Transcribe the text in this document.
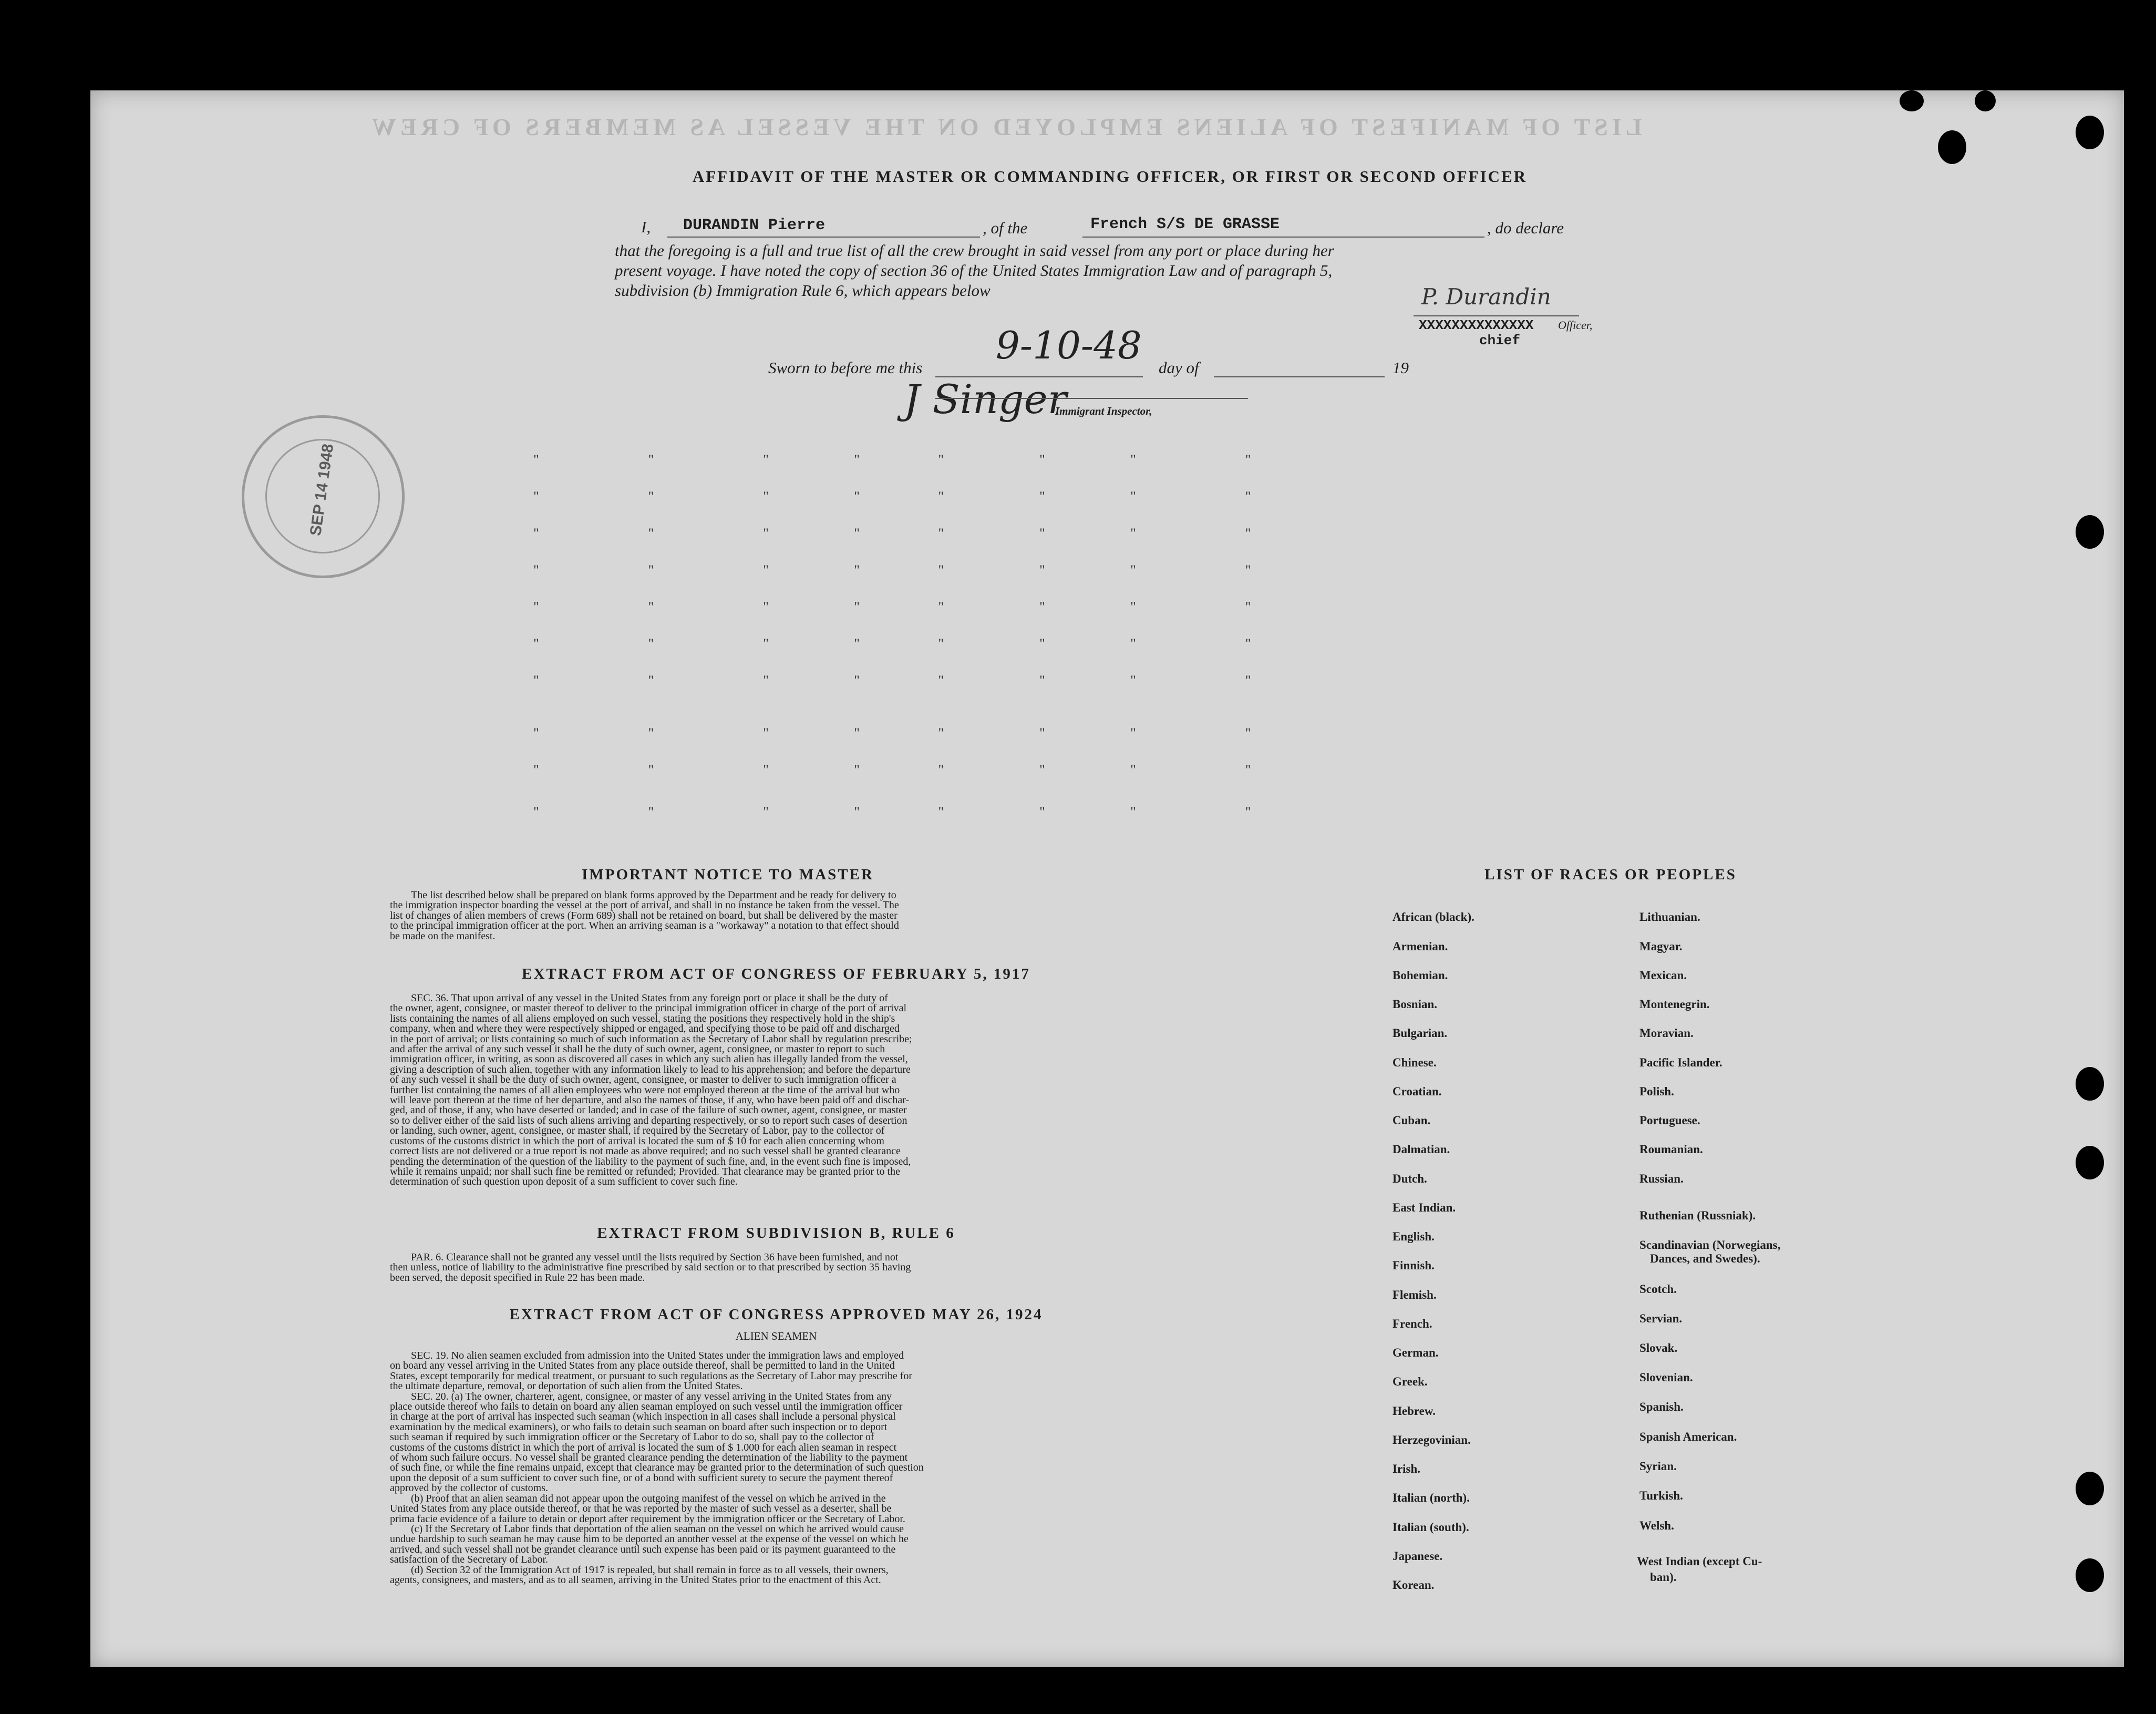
LIST OF MANIFEST OF ALIENS EMPLOYED ON THE VESSEL AS MEMBERS OF CREW
AFFIDAVIT OF THE MASTER OR COMMANDING OFFICER, OR FIRST OR SECOND OFFICER
I, DURANDIN Pierre	, of the	French S/S DE GRASSE	, do declare
that the foregoing is a full and true list of all the crew brought in said vessel from any port or place during her
present voyage. I have noted the copy of section 36 of the United States Immigration Law and of paragraph 5,
subdivision (b) Immigration Rule 6, which appears below	P. Durandin
XXXXXXXXXXXXXX Officer,
chief
Sworn to before me this
9-10-48
day of	19
J Singer
Immigrant Inspector,
SEP 14 1948	"                                "                                "                         "                       "                            "                         "                                "
"                                "                                "                         "                       "                            "                         "                                "
"                                "                                "                         "                       "                            "                         "                                "
"                                "                                "                         "                       "                            "                         "                                "
"                                "                                "                         "                       "                            "                         "                                "
"                                "                                "                         "                       "                            "                         "                                "
"                                "                                "                         "                       "                            "                         "                                "
"                                "                                "                         "                       "                            "                         "                                "
"                                "                                "                         "                       "                            "                         "                                "
"                                "                                "                         "                       "                            "                         "                                "
IMPORTANT NOTICE TO MASTER

The list described below shall be prepared on blank forms approved by the Department and be ready for delivery to

the immigration inspector boarding the vessel at the port of arrival, and shall in no instance be taken from the vessel. The
list of changes of alien members of crews (Form 689) shall not be retained on board, but shall be delivered by the master
to the principal immigration officer at the port. When an arriving seaman is a "workaway" a notation to that effect should
be made on the manifest.
EXTRACT FROM ACT OF CONGRESS OF FEBRUARY 5, 1917

SEC. 36. That upon arrival of any vessel in the United States from any foreign port or place it shall be the duty of

the owner, agent, consignee, or master thereof to deliver to the principal immigration officer in charge of the port of arrival
lists containing the names of all aliens employed on such vessel, stating the positions they respectively hold in the ship's
company, when and where they were respectively shipped or engaged, and specifying those to be paid off and discharged
in the port of arrival; or lists containing so much of such information as the Secretary of Labor shall by regulation prescribe;
and after the arrival of any such vessel it shall be the duty of such owner, agent, consignee, or master to report to such
immigration officer, in writing, as soon as discovered all cases in which any such alien has illegally landed from the vessel,
giving a description of such alien, together with any information likely to lead to his apprehension; and before the departure
of any such vessel it shall be the duty of such owner, agent, consignee, or master to deliver to such immigration officer a
further list containing the names of all alien employees who were not employed thereon at the time of the arrival but who
will leave port thereon at the time of her departure, and also the names of those, if any, who have been paid off and dischar-
ged, and of those, if any, who have deserted or landed; and in case of the failure of such owner, agent, consignee, or master
so to deliver either of the said lists of such aliens arriving and departing respectively, or so to report such cases of desertion
or landing, such owner, agent, consignee, or master shall, if required by the Secretary of Labor, pay to the collector of
customs of the customs district in which the port of arrival is located the sum of $ 10 for each alien concerning whom
correct lists are not delivered or a true report is not made as above required; and no such vessel shall be granted clearance
pending the determination of the question of the liability to the payment of such fine, and, in the event such fine is imposed,
while it remains unpaid; nor shall such fine be remitted or refunded; Provided. That clearance may be granted prior to the
determination of such question upon deposit of a sum sufficient to cover such fine.
EXTRACT FROM SUBDIVISION B, RULE 6

PAR. 6. Clearance shall not be granted any vessel until the lists required by Section 36 have been furnished, and not

then unless, notice of liability to the administrative fine prescribed by said section or to that prescribed by section 35 having
been served, the deposit specified in Rule 22 has been made.
EXTRACT FROM ACT OF CONGRESS APPROVED MAY 26, 1924
ALIEN SEAMEN

SEC. 19. No alien seamen excluded from admission into the United States under the immigration laws and employed

on board any vessel arriving in the United States from any place outside thereof, shall be permitted to land in the United
States, except temporarily for medical treatment, or pursuant to such regulations as the Secretary of Labor may prescribe for
the ultimate departure, removal, or deportation of such alien from the United States.

SEC. 20. (a) The owner, charterer, agent, consignee, or master of any vessel arriving in the United States from any

place outside thereof who fails to detain on board any alien seaman employed on such vessel until the immigration officer
in charge at the port of arrival has inspected such seaman (which inspection in all cases shall include a personal physical
examination by the medical examiners), or who fails to detain such seaman on board after such inspection or to deport
such seaman if required by such immigration officer or the Secretary of Labor to do so, shall pay to the collector of
customs of the customs district in which the port of arrival is located the sum of $ 1.000 for each alien seaman in respect
of whom such failure occurs. No vessel shall be granted clearance pending the determination of the liability to the payment
of such fine, or while the fine remains unpaid, except that clearance may be granted prior to the determination of such question
upon the deposit of a sum sufficient to cover such fine, or of a bond with sufficient surety to secure the payment thereof
approved by the collector of customs.

(b) Proof that an alien seaman did not appear upon the outgoing manifest of the vessel on which he arrived in the

United States from any place outside thereof, or that he was reported by the master of such vessel as a deserter, shall be
prima facie evidence of a failure to detain or deport after requirement by the immigration officer or the Secretary of Labor.

(c) If the Secretary of Labor finds that deportation of the alien seaman on the vessel on which he arrived would cause

undue hardship to such seaman he may cause him to be deported an another vessel at the expense of the vessel on which he
arrived, and such vessel shall not be grandet clearance until such expense has been paid or its payment guaranteed to the
satisfaction of the Secretary of Labor.

(d) Section 32 of the Immigration Act of 1917 is repealed, but shall remain in force as to all vessels, their owners,

agents, consignees, and masters, and as to all seamen, arriving in the United States prior to the enactment of this Act.
LIST OF RACES OR PEOPLES
African (black).
Armenian.
Bohemian.
Bosnian.
Bulgarian.
Chinese.
Croatian.
Cuban.
Dalmatian.
Dutch.
East Indian.
English.
Finnish.
Flemish.
French.
German.
Greek.
Hebrew.
Herzegovinian.
Irish.
Italian (north).
Italian (south).
Japanese.
Korean.
Lithuanian.
Magyar.
Mexican.
Montenegrin.
Moravian.
Pacific Islander.
Polish.
Portuguese.
Roumanian.
Russian.
Ruthenian (Russniak).
Scandinavian (Norwegians,
Dances, and Swedes).
Scotch.
Servian.
Slovak.
Slovenian.
Spanish.
Spanish American.
Syrian.
Turkish.
Welsh.
West Indian (except Cu-
ban).
